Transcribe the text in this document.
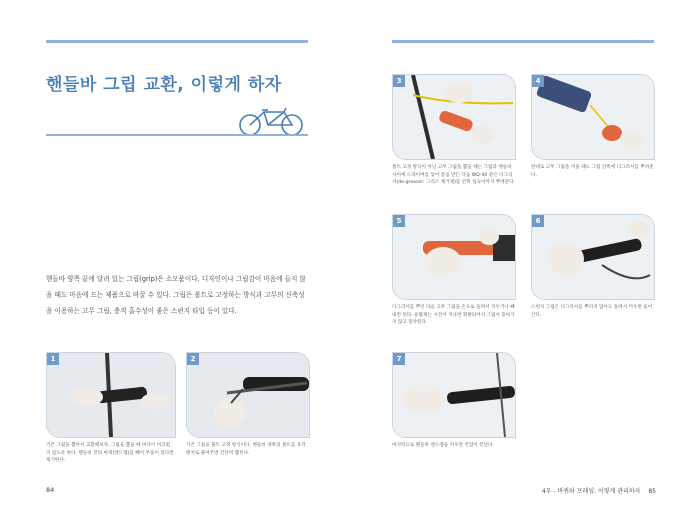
핸들바 그립 교환, 이렇게 하자
핸들바 양쪽 끝에 달려 있는 그립(grip)은 소모품이다. 디자인이나 그립감이 마음에 들지 않을 때도 마음에 드는 제품으로 바꿀 수 있다. 그립은 볼트로 고정하는 방식과 고무의 신축성을 이용하는 고무 그립, 충격 흡수성이 좋은 스펀지 타입 등이 있다.
1
기존 그립을 뽑아서 교환해보자. 그립을 뽑을 때 바닥이 미끄럽지 않도록 한다. 핸들바 끝의 마개(엔드캡)를 빼서 부품이 있다면 제거한다.
2
기존 그립을 볼트 고정 방식이다. 핸들바 양쪽의 볼트를 육각렌치로 풀어주면 간단히 뽑힌다.
84
3
볼트 고정 방식이 아닌 고무 그립을 뽑을 때는 그립과 핸들바 사이에 드라이버를 넣어 틈을 만든 다음 WD-40 같은 디그리서(de-greaser: 그리스 제거제)를 안쪽 깊숙이까지 뿌려준다.
4
반대로 고무 그립을 끼울 때도 그립 안쪽에 디그리서를 뿌려준다.
5
디그리서를 뿌린 다음 고무 그립을 손으로 돌려서 끼우거나 빼내면 된다. 윤활제는 시간이 지나면 휘발되어서 그립이 돌아가지 않고 밀착된다.
6
스펀지 그립은 디그리서를 뿌리지 않아도 돌려서 끼우면 들어간다.
7
마지막으로 핸들바 엔드캡을 끼우면 작업이 끝난다.
4부 - 바퀴와 프레임, 이렇게 관리하자 85
